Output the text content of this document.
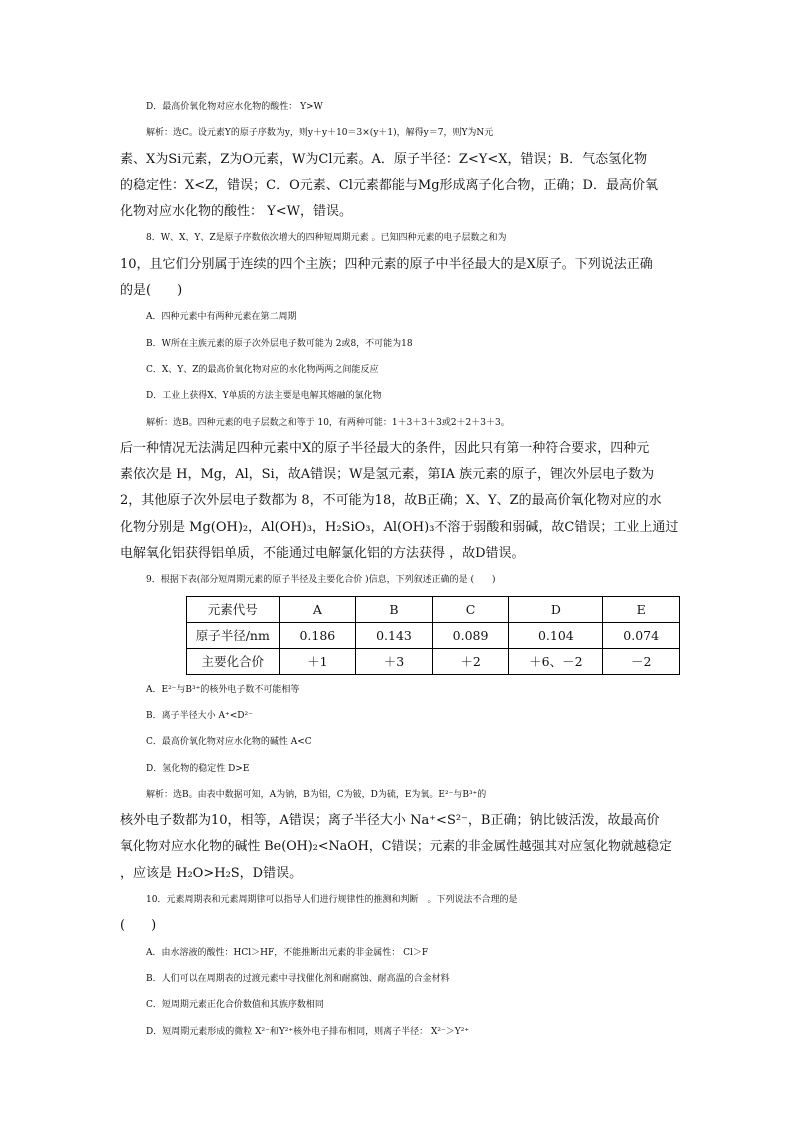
D．最高价氧化物对应水化物的酸性： Y>W

解析：选C。设元素Y的原子序数为y，则y＋y＋10＝3×(y＋1)，解得y＝7，则Y为N元

素、X为Si元素，Z为O元素，W为Cl元素。A．原子半径：Z<Y<X，错误；B．气态氢化物

的稳定性：X<Z，错误；C．O元素、Cl元素都能与Mg形成离子化合物，正确；D．最高价氧

化物对应水化物的酸性： Y<W，错误。

8．W、X、Y、Z是原子序数依次增大的四种短周期元素 。已知四种元素的电子层数之和为

10，且它们分别属于连续的四个主族；四种元素的原子中半径最大的是X原子。下列说法正确

的是(　　)

A．四种元素中有两种元素在第二周期

B．W所在主族元素的原子次外层电子数可能为 2或8，不可能为18

C．X、Y、Z的最高价氧化物对应的水化物两两之间能反应

D．工业上获得X、Y单质的方法主要是电解其熔融的氯化物

解析：选B。四种元素的电子层数之和等于 10，有两种可能：1＋3＋3＋3或2＋2＋3＋3。

后一种情况无法满足四种元素中X的原子半径最大的条件，因此只有第一种符合要求，四种元

素依次是 H，Mg，Al，Si，故A错误；W是氢元素，第ⅠA 族元素的原子，锂次外层电子数为

2，其他原子次外层电子数都为 8，不可能为18，故B正确；X、Y、Z的最高价氧化物对应的水

化物分别是 Mg(OH)₂，Al(OH)₃，H₂SiO₃，Al(OH)₃不溶于弱酸和弱碱，故C错误；工业上通过

电解氧化铝获得铝单质，不能通过电解氯化铝的方法获得 ，故D错误。

9．根据下表(部分短周期元素的原子半径及主要化合价 )信息，下列叙述正确的是 (　　)

元素代号	A	B	C	D	E
原子半径/nm	0.186	0.143	0.089	0.104	0.074
主要化合价	＋1	＋3	＋2	＋6、－2	－2

A．E²⁻与B³⁺的核外电子数不可能相等

B．离子半径大小 A⁺<D²⁻

C．最高价氧化物对应水化物的碱性 A<C

D．氢化物的稳定性 D>E

解析：选B。由表中数据可知，A为钠，B为铝，C为铍，D为硫，E为氧。E²⁻与B³⁺的

核外电子数都为10，相等，A错误；离子半径大小 Na⁺<S²⁻，B正确；钠比铍活泼，故最高价

氧化物对应水化物的碱性 Be(OH)₂<NaOH，C错误；元素的非金属性越强其对应氢化物就越稳定

，应该是 H₂O>H₂S，D错误。

10．元素周期表和元素周期律可以指导人们进行规律性的推测和判断　。下列说法不合理的是

(　　)

A．由水溶液的酸性：HCl＞HF，不能推断出元素的非金属性： Cl＞F

B．人们可以在周期表的过渡元素中寻找催化剂和耐腐蚀、耐高温的合金材料

C．短周期元素正化合价数值和其族序数相同

D．短周期元素形成的微粒 X²⁻和Y²⁺核外电子排布相同，则离子半径： X²⁻＞Y²⁺
